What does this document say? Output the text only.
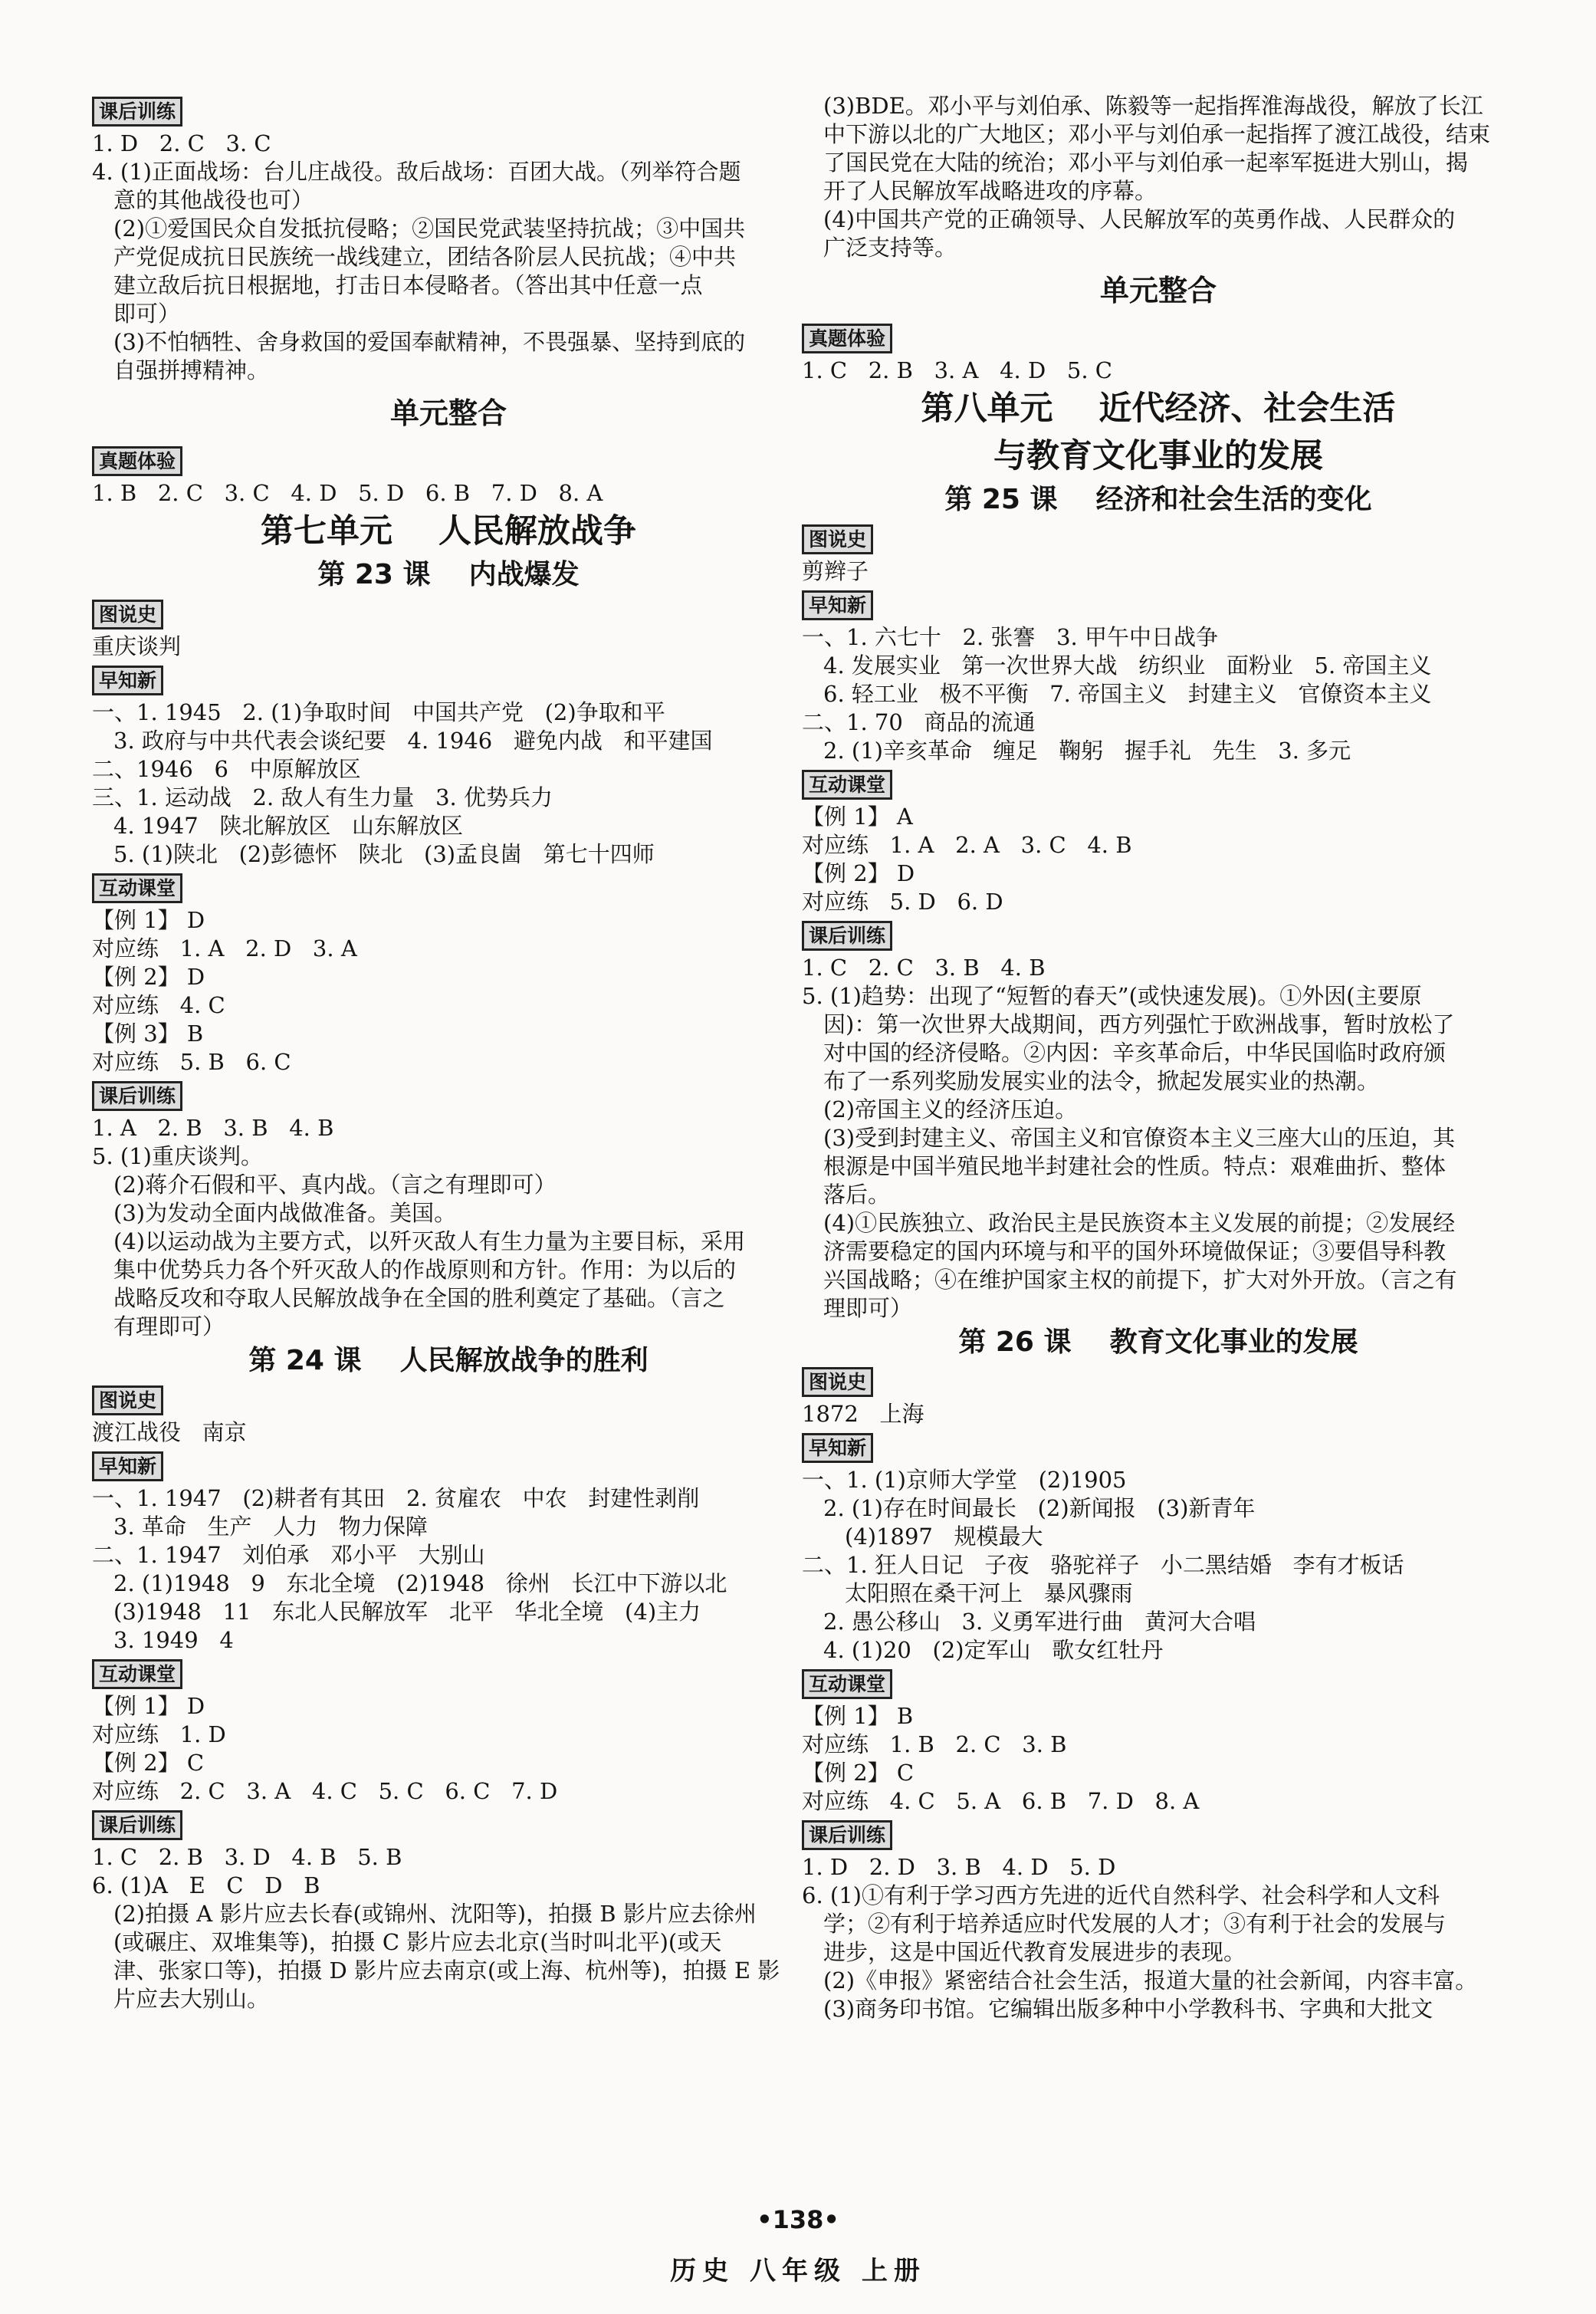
课后训练
1. D   2. C   3. C
4. (1)正面战场：台儿庄战役。敌后战场：百团大战。（列举符合题
意的其他战役也可）
(2)①爱国民众自发抵抗侵略；②国民党武装坚持抗战；③中国共
产党促成抗日民族统一战线建立，团结各阶层人民抗战；④中共
建立敌后抗日根据地，打击日本侵略者。（答出其中任意一点
即可）
(3)不怕牺牲、舍身救国的爱国奉献精神，不畏强暴、坚持到底的
自强拼搏精神。
单元整合
真题体验
1. B   2. C   3. C   4. D   5. D   6. B   7. D   8. A
第七单元    人民解放战争
第 23 课    内战爆发
图说史
重庆谈判
早知新
一、1. 1945   2. (1)争取时间   中国共产党   (2)争取和平
3. 政府与中共代表会谈纪要   4. 1946   避免内战   和平建国
二、1946   6   中原解放区
三、1. 运动战   2. 敌人有生力量   3. 优势兵力
4. 1947   陕北解放区   山东解放区
5. (1)陕北   (2)彭德怀   陕北   (3)孟良崮   第七十四师
互动课堂
【例 1】 D
对应练   1. A   2. D   3. A
【例 2】 D
对应练   4. C
【例 3】 B
对应练   5. B   6. C
课后训练
1. A   2. B   3. B   4. B
5. (1)重庆谈判。
(2)蒋介石假和平、真内战。（言之有理即可）
(3)为发动全面内战做准备。美国。
(4)以运动战为主要方式，以歼灭敌人有生力量为主要目标，采用
集中优势兵力各个歼灭敌人的作战原则和方针。作用：为以后的
战略反攻和夺取人民解放战争在全国的胜利奠定了基础。（言之
有理即可）
第 24 课    人民解放战争的胜利
图说史
渡江战役   南京
早知新
一、1. 1947   (2)耕者有其田   2. 贫雇农   中农   封建性剥削
3. 革命   生产   人力   物力保障
二、1. 1947   刘伯承   邓小平   大别山
2. (1)1948   9   东北全境   (2)1948   徐州   长江中下游以北
(3)1948   11   东北人民解放军   北平   华北全境   (4)主力
3. 1949   4
互动课堂
【例 1】 D
对应练   1. D
【例 2】 C
对应练   2. C   3. A   4. C   5. C   6. C   7. D
课后训练
1. C   2. B   3. D   4. B   5. B
6. (1)A   E   C   D   B
(2)拍摄 A 影片应去长春(或锦州、沈阳等)，拍摄 B 影片应去徐州
(或碾庄、双堆集等)，拍摄 C 影片应去北京(当时叫北平)(或天
津、张家口等)，拍摄 D 影片应去南京(或上海、杭州等)，拍摄 E 影
片应去大别山。
(3)BDE。邓小平与刘伯承、陈毅等一起指挥淮海战役，解放了长江
中下游以北的广大地区；邓小平与刘伯承一起指挥了渡江战役，结束
了国民党在大陆的统治；邓小平与刘伯承一起率军挺进大别山，揭
开了人民解放军战略进攻的序幕。
(4)中国共产党的正确领导、人民解放军的英勇作战、人民群众的
广泛支持等。
单元整合
真题体验
1. C   2. B   3. A   4. D   5. C
第八单元    近代经济、社会生活
与教育文化事业的发展
第 25 课    经济和社会生活的变化
图说史
剪辫子
早知新
一、1. 六七十   2. 张謇   3. 甲午中日战争
4. 发展实业   第一次世界大战   纺织业   面粉业   5. 帝国主义
6. 轻工业   极不平衡   7. 帝国主义   封建主义   官僚资本主义
二、1. 70   商品的流通
2. (1)辛亥革命   缠足   鞠躬   握手礼   先生   3. 多元
互动课堂
【例 1】 A
对应练   1. A   2. A   3. C   4. B
【例 2】 D
对应练   5. D   6. D
课后训练
1. C   2. C   3. B   4. B
5. (1)趋势：出现了“短暂的春天”(或快速发展)。①外因(主要原
因)：第一次世界大战期间，西方列强忙于欧洲战事，暂时放松了
对中国的经济侵略。②内因：辛亥革命后，中华民国临时政府颁
布了一系列奖励发展实业的法令，掀起发展实业的热潮。
(2)帝国主义的经济压迫。
(3)受到封建主义、帝国主义和官僚资本主义三座大山的压迫，其
根源是中国半殖民地半封建社会的性质。特点：艰难曲折、整体
落后。
(4)①民族独立、政治民主是民族资本主义发展的前提；②发展经
济需要稳定的国内环境与和平的国外环境做保证；③要倡导科教
兴国战略；④在维护国家主权的前提下，扩大对外开放。（言之有
理即可）
第 26 课    教育文化事业的发展
图说史
1872   上海
早知新
一、1. (1)京师大学堂   (2)1905
2. (1)存在时间最长   (2)新闻报   (3)新青年
(4)1897   规模最大
二、1. 狂人日记   子夜   骆驼祥子   小二黑结婚   李有才板话
太阳照在桑干河上   暴风骤雨
2. 愚公移山   3. 义勇军进行曲   黄河大合唱
4. (1)20   (2)定军山   歌女红牡丹
互动课堂
【例 1】 B
对应练   1. B   2. C   3. B
【例 2】 C
对应练   4. C   5. A   6. B   7. D   8. A
课后训练
1. D   2. D   3. B   4. D   5. D
6. (1)①有利于学习西方先进的近代自然科学、社会科学和人文科
学；②有利于培养适应时代发展的人才；③有利于社会的发展与
进步，这是中国近代教育发展进步的表现。
(2)《申报》紧密结合社会生活，报道大量的社会新闻，内容丰富。
(3)商务印书馆。它编辑出版多种中小学教科书、字典和大批文
•138•
历史 八年级 上册
